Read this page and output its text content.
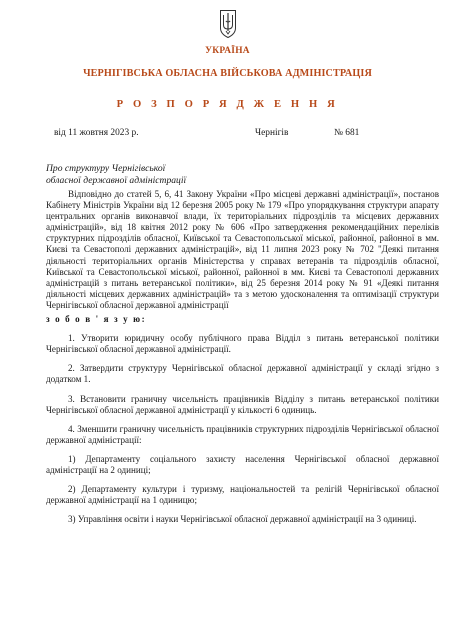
УКРАЇНА
ЧЕРНІГІВСЬКА ОБЛАСНА ВІЙСЬКОВА АДМІНІСТРАЦІЯ
Р О З П О Р Я Д Ж Е Н Н Я
від 11 жовтня 2023 р.	Чернігів	№ 681
Про структуру Чернігівської
обласної державної адміністрації

Відповідно до статей 5, 6, 41 Закону України «Про місцеві державні адміністрації», постанов Кабінету Міністрів України від 12 березня 2005 року № 179 «Про упорядкування структури апарату центральних органів виконавчої влади, їх територіальних підрозділів та місцевих державних адміністрацій», від 18 квітня 2012 року № 606 «Про затвердження рекомендаційних переліків структурних підрозділів обласної, Київської та Севастопольської міської, районної, районної в мм. Києві та Севастополі державних адміністрацій», від 11 липня 2023 року № 702 "Деякі питання діяльності територіальних органів Міністерства у справах ветеранів та підрозділів обласної, Київської та Севастопольської міської, районної, районної в мм. Києві та Севастополі державних адміністрацій з питань ветеранської політики», від 25 березня 2014 року № 91 «Деякі питання діяльності місцевих державних адміністрацій» та з метою удосконалення та оптимізації структури Чернігівської обласної державної адміністрації

з о б о в ' я з у ю:

1. Утворити юридичну особу публічного права Відділ з питань ветеранської політики Чернігівської обласної державної адміністрації.

2. Затвердити структуру Чернігівської обласної державної адміністрації у складі згідно з додатком 1.

3. Встановити граничну чисельність працівників Відділу з питань ветеранської політики Чернігівської обласної державної адміністрації у кількості 6 одиниць.

4. Зменшити граничну чисельність працівників структурних підрозділів Чернігівської обласної державної адміністрації:

1) Департаменту соціального захисту населення Чернігівської обласної державної адміністрації на 2 одиниці;

2) Департаменту культури і туризму, національностей та релігій Чернігівської обласної державної адміністрації на 1 одиницю;

3) Управління освіти і науки Чернігівської обласної державної адміністрації на 3 одиниці.
